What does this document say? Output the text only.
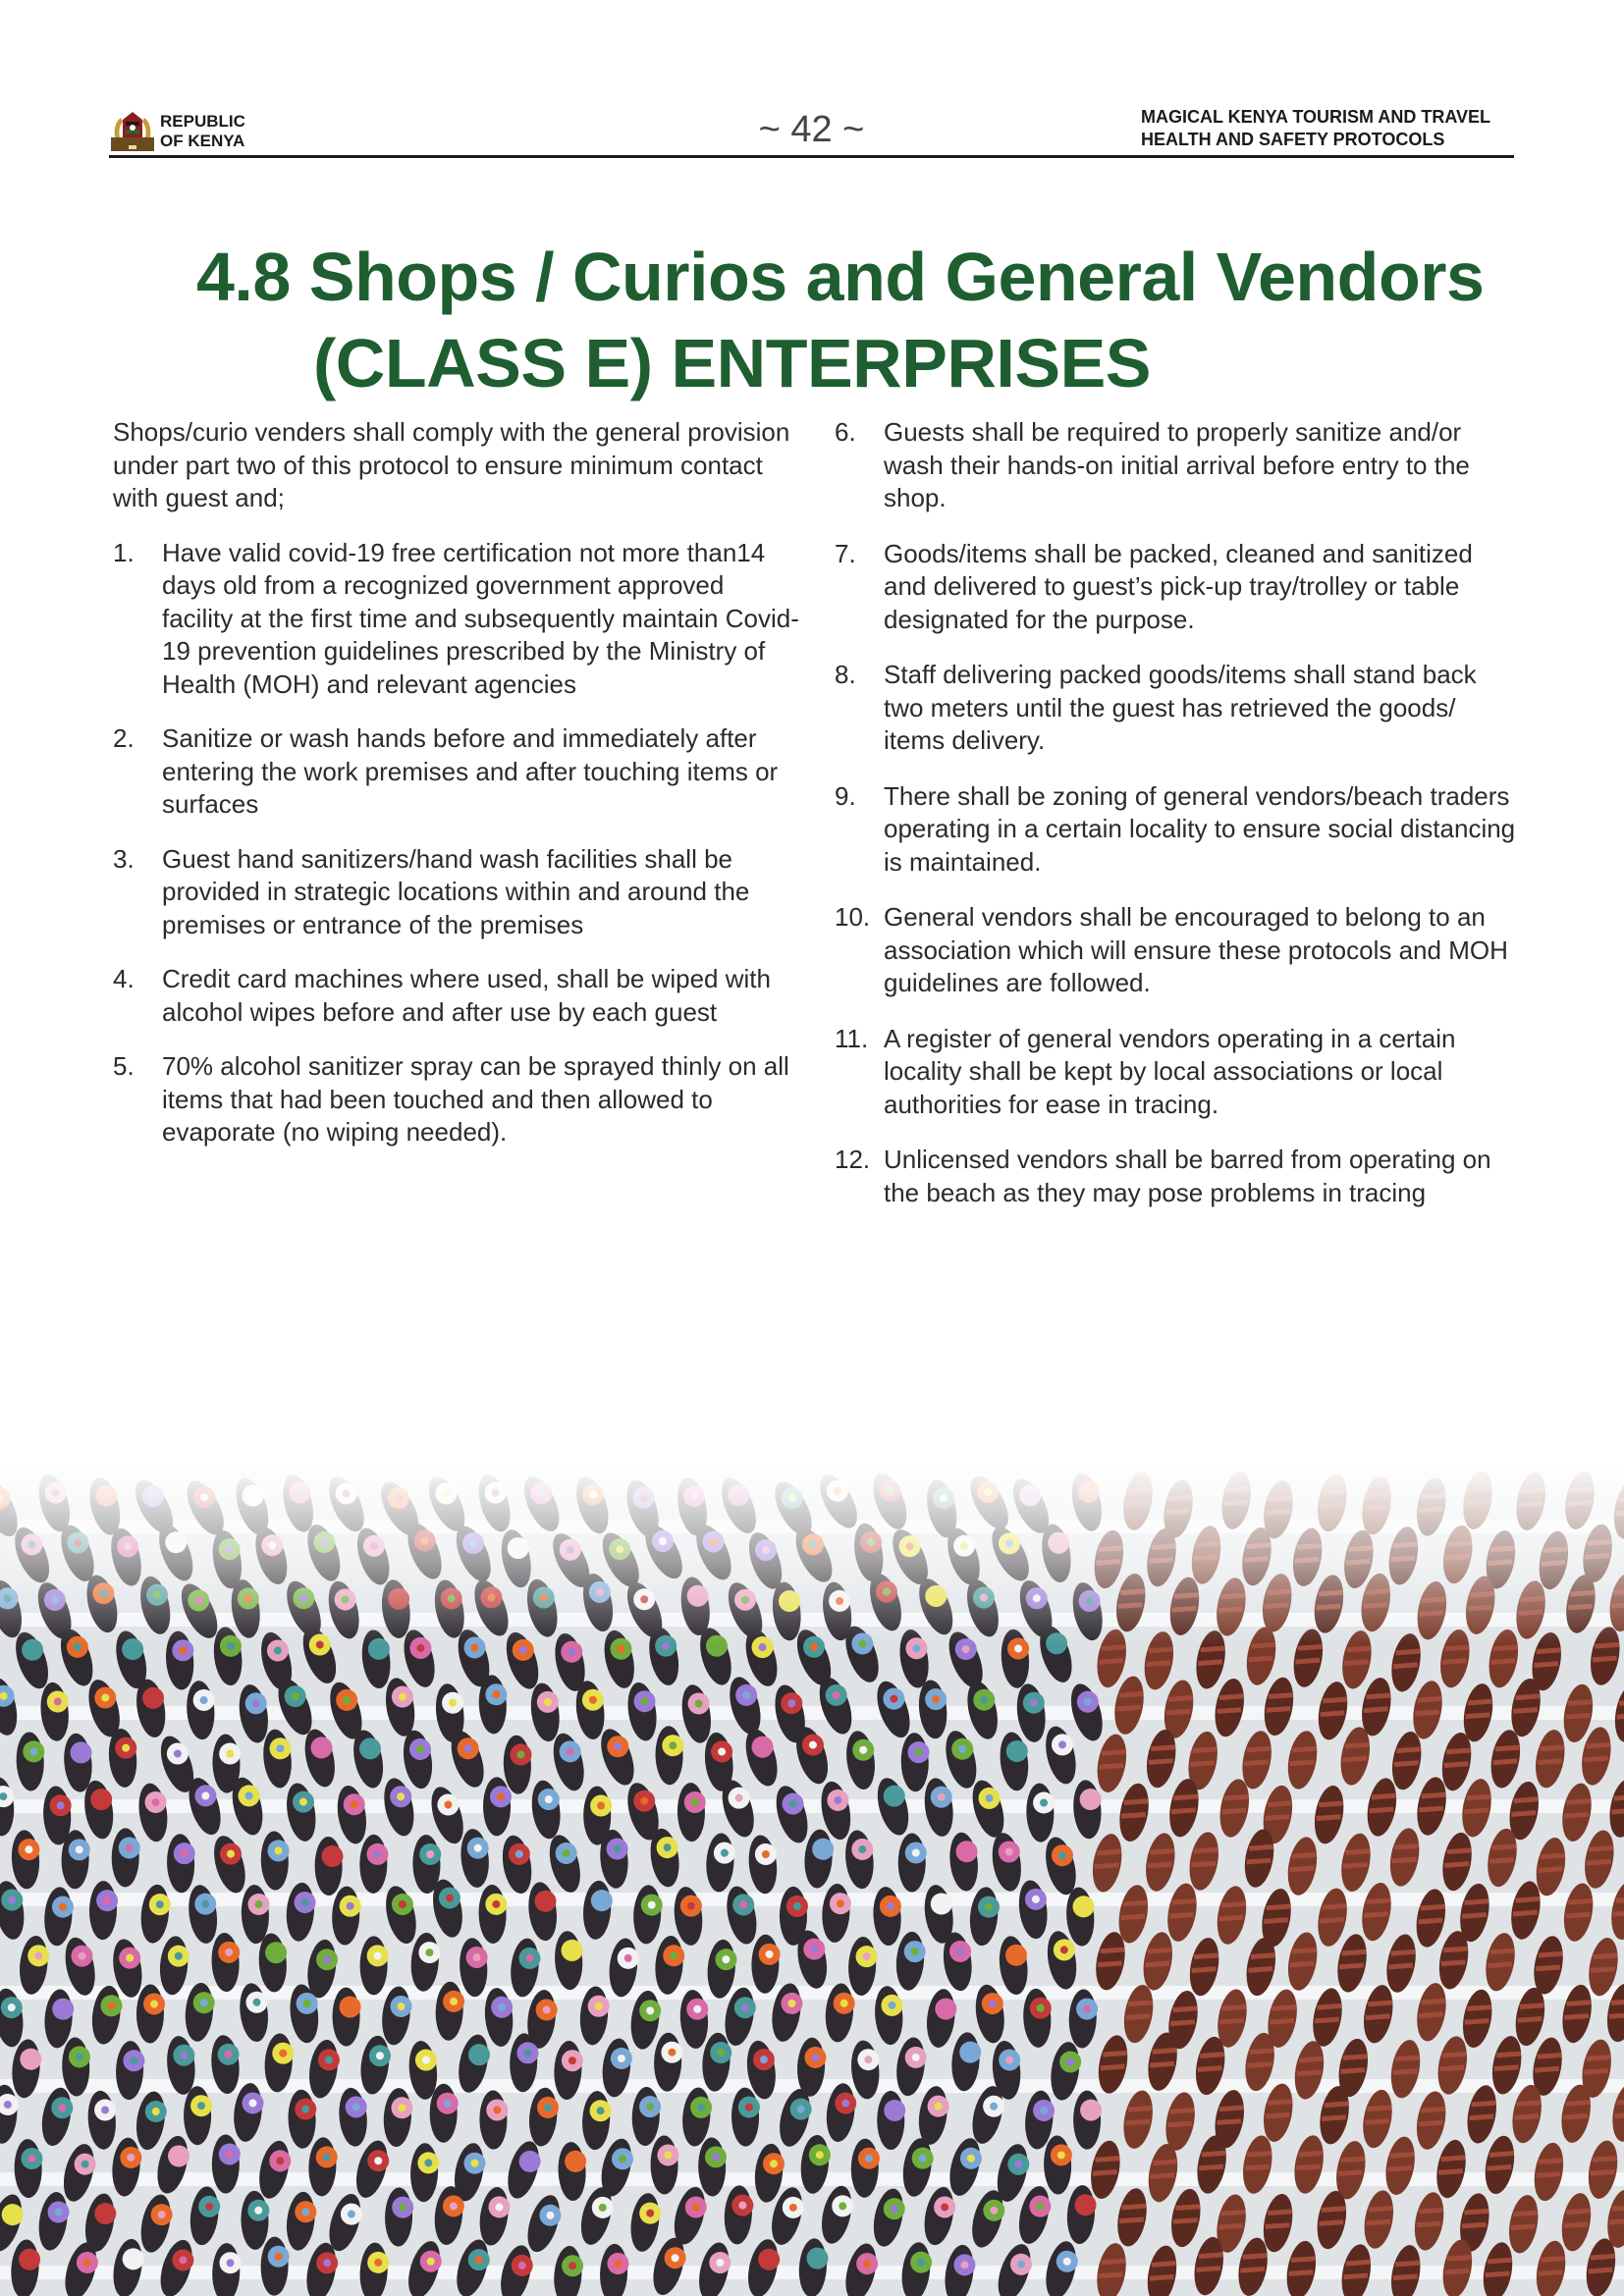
REPUBLIC
OF KENYA	~ 42 ~	MAGICAL KENYA TOURISM AND TRAVEL
HEALTH AND SAFETY PROTOCOLS
4.8 Shops / Curios and General Vendors
(CLASS E) ENTERPRISES

Shops/curio venders shall comply with the general provision under part two of this protocol to ensure minimum contact with guest and;

1. Have valid covid-19 free certification not more than14 days old from a recognized government approved facility at the first time and subsequently maintain Covid-19 prevention guidelines prescribed by the Ministry of Health (MOH) and relevant agencies
2. Sanitize or wash hands before and immediately after entering the work premises and after touching items or surfaces
3. Guest hand sanitizers/hand wash facilities shall be provided in strategic locations within and around the premises or entrance of the premises
4. Credit card machines where used, shall be wiped with alcohol wipes before and after use by each guest
5. 70% alcohol sanitizer spray can be sprayed thinly on all items that had been touched and then allowed to evaporate (no wiping needed).
6. Guests shall be required to properly sanitize and/or wash their hands-on initial arrival before entry to the shop.
7. Goods/items shall be packed, cleaned and sanitized and delivered to guest’s pick-up tray/trolley or table designated for the purpose.
8. Staff delivering packed goods/items shall stand back two meters until the guest has retrieved the goods/ items delivery.
9. There shall be zoning of general vendors/beach traders operating in a certain locality to ensure social distancing is maintained.
10. General vendors shall be encouraged to belong to an association which will ensure these protocols and MOH guidelines are followed.
11. A register of general vendors operating in a certain locality shall be kept by local associations or local authorities for ease in tracing.
12. Unlicensed vendors shall be barred from operating on the beach as they may pose problems in tracing
